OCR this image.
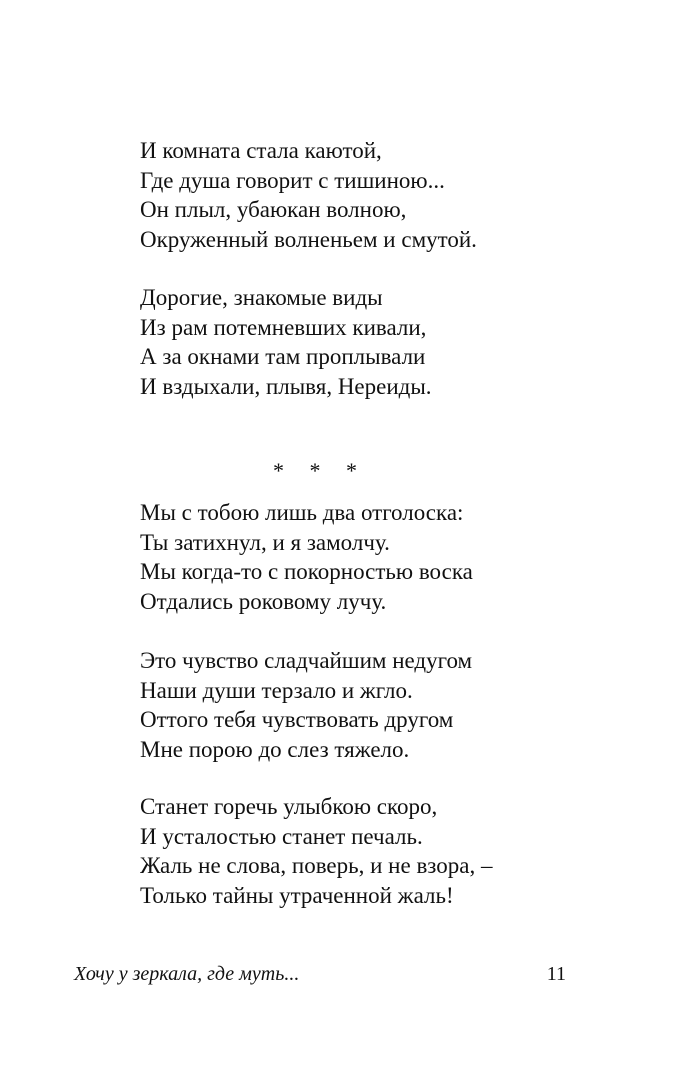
И комната стала каютой,
Где душа говорит с тишиною...
Он плыл, убаюкан волною,
Окруженный волненьем и смутой.
Дорогие, знакомые виды
Из рам потемневших кивали,
А за окнами там проплывали
И вздыхали, плывя, Нереиды.
* * *
Мы с тобою лишь два отголоска:
Ты затихнул, и я замолчу.
Мы когда-то с покорностью воска
Отдались роковому лучу.
Это чувство сладчайшим недугом
Наши души терзало и жгло.
Оттого тебя чувствовать другом
Мне порою до слез тяжело.
Станет горечь улыбкою скоро,
И усталостью станет печаль.
Жаль не слова, поверь, и не взора, –
Только тайны утраченной жаль!
Хочу у зеркала, где муть...	11
